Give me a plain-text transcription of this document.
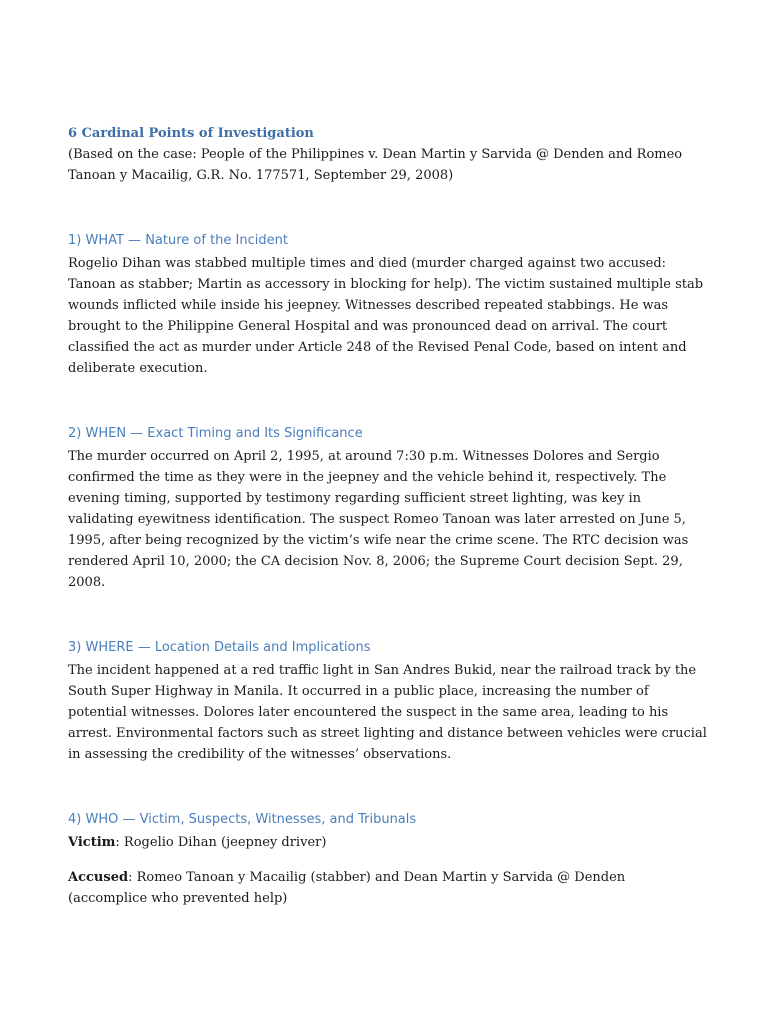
6 Cardinal Points of Investigation

(Based on the case: People of the Philippines v. Dean Martin y Sarvida @ Denden and Romeo Tanoan y Macailig, G.R. No. 177571, September 29, 2008)

1) WHAT — Nature of the Incident

Rogelio Dihan was stabbed multiple times and died (murder charged against two accused: Tanoan as stabber; Martin as accessory in blocking for help). The victim sustained multiple stab wounds inflicted while inside his jeepney. Witnesses described repeated stabbings. He was brought to the Philippine General Hospital and was pronounced dead on arrival. The court classified the act as murder under Article 248 of the Revised Penal Code, based on intent and deliberate execution.

2) WHEN — Exact Timing and Its Significance

The murder occurred on April 2, 1995, at around 7:30 p.m. Witnesses Dolores and Sergio confirmed the time as they were in the jeepney and the vehicle behind it, respectively. The evening timing, supported by testimony regarding sufficient street lighting, was key in validating eyewitness identification. The suspect Romeo Tanoan was later arrested on June 5, 1995, after being recognized by the victim’s wife near the crime scene. The RTC decision was rendered April 10, 2000; the CA decision Nov. 8, 2006; the Supreme Court decision Sept. 29, 2008.

3) WHERE — Location Details and Implications

The incident happened at a red traffic light in San Andres Bukid, near the railroad track by the South Super Highway in Manila. It occurred in a public place, increasing the number of potential witnesses. Dolores later encountered the suspect in the same area, leading to his arrest. Environmental factors such as street lighting and distance between vehicles were crucial in assessing the credibility of the witnesses’ observations.

4) WHO — Victim, Suspects, Witnesses, and Tribunals

Victim: Rogelio Dihan (jeepney driver)

Accused: Romeo Tanoan y Macailig (stabber) and Dean Martin y Sarvida @ Denden (accomplice who prevented help)
